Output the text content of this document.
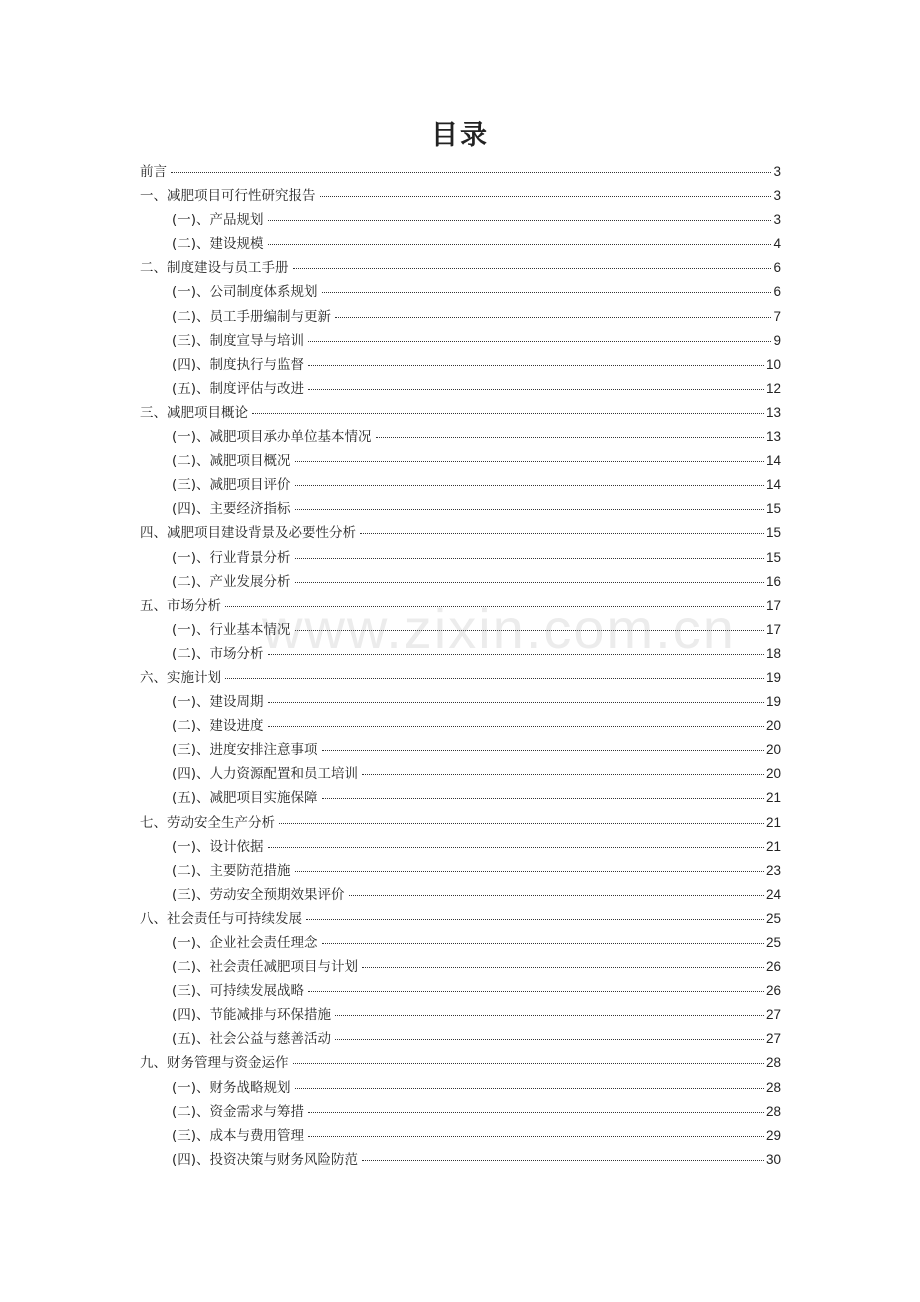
目录
前言	3
一、减肥项目可行性研究报告	3
(一)、产品规划	3
(二)、建设规模	4
二、制度建设与员工手册	6
(一)、公司制度体系规划	6
(二)、员工手册编制与更新	7
(三)、制度宣导与培训	9
(四)、制度执行与监督	10
(五)、制度评估与改进	12
三、减肥项目概论	13
(一)、减肥项目承办单位基本情况	13
(二)、减肥项目概况	14
(三)、减肥项目评价	14
(四)、主要经济指标	15
四、减肥项目建设背景及必要性分析	15
(一)、行业背景分析	15
(二)、产业发展分析	16
五、市场分析	17
(一)、行业基本情况	17
(二)、市场分析	18
六、实施计划	19
(一)、建设周期	19
(二)、建设进度	20
(三)、进度安排注意事项	20
(四)、人力资源配置和员工培训	20
(五)、减肥项目实施保障	21
七、劳动安全生产分析	21
(一)、设计依据	21
(二)、主要防范措施	23
(三)、劳动安全预期效果评价	24
八、社会责任与可持续发展	25
(一)、企业社会责任理念	25
(二)、社会责任减肥项目与计划	26
(三)、可持续发展战略	26
(四)、节能减排与环保措施	27
(五)、社会公益与慈善活动	27
九、财务管理与资金运作	28
(一)、财务战略规划	28
(二)、资金需求与筹措	28
(三)、成本与费用管理	29
(四)、投资决策与财务风险防范	30
www.zixin.com.cn
